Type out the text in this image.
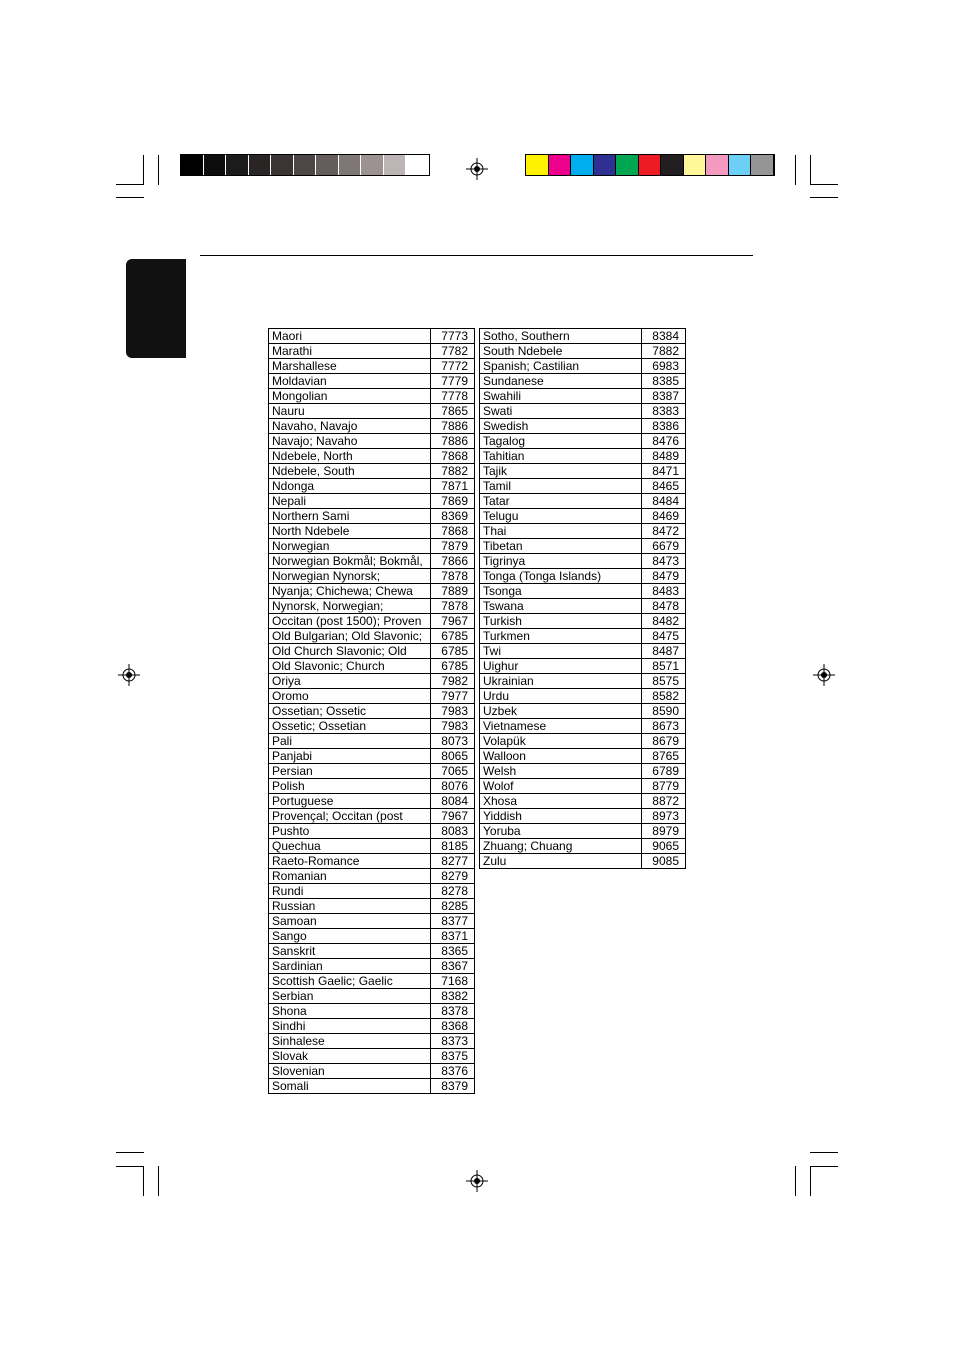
Maori	7773
Marathi	7782
Marshallese	7772
Moldavian	7779
Mongolian	7778
Nauru	7865
Navaho, Navajo	7886
Navajo; Navaho	7886
Ndebele, North	7868
Ndebele, South	7882
Ndonga	7871
Nepali	7869
Northern Sami	8369
North Ndebele	7868
Norwegian	7879
Norwegian Bokmål; Bokmål,	7866
Norwegian Nynorsk;	7878
Nyanja; Chichewa; Chewa	7889
Nynorsk, Norwegian;	7878
Occitan (post 1500); Proven	7967
Old Bulgarian; Old Slavonic;	6785
Old Church Slavonic; Old	6785
Old Slavonic; Church	6785
Oriya	7982
Oromo	7977
Ossetian; Ossetic	7983
Ossetic; Ossetian	7983
Pali	8073
Panjabi	8065
Persian	7065
Polish	8076
Portuguese	8084
Provençal; Occitan (post	7967
Pushto	8083
Quechua	8185
Raeto-Romance	8277
Romanian	8279
Rundi	8278
Russian	8285
Samoan	8377
Sango	8371
Sanskrit	8365
Sardinian	8367
Scottish Gaelic; Gaelic	7168
Serbian	8382
Shona	8378
Sindhi	8368
Sinhalese	8373
Slovak	8375
Slovenian	8376
Somali	8379
Sotho, Southern	8384
South Ndebele	7882
Spanish; Castilian	6983
Sundanese	8385
Swahili	8387
Swati	8383
Swedish	8386
Tagalog	8476
Tahitian	8489
Tajik	8471
Tamil	8465
Tatar	8484
Telugu	8469
Thai	8472
Tibetan	6679
Tigrinya	8473
Tonga (Tonga Islands)	8479
Tsonga	8483
Tswana	8478
Turkish	8482
Turkmen	8475
Twi	8487
Uighur	8571
Ukrainian	8575
Urdu	8582
Uzbek	8590
Vietnamese	8673
Volapük	8679
Walloon	8765
Welsh	6789
Wolof	8779
Xhosa	8872
Yiddish	8973
Yoruba	8979
Zhuang; Chuang	9065
Zulu	9085
